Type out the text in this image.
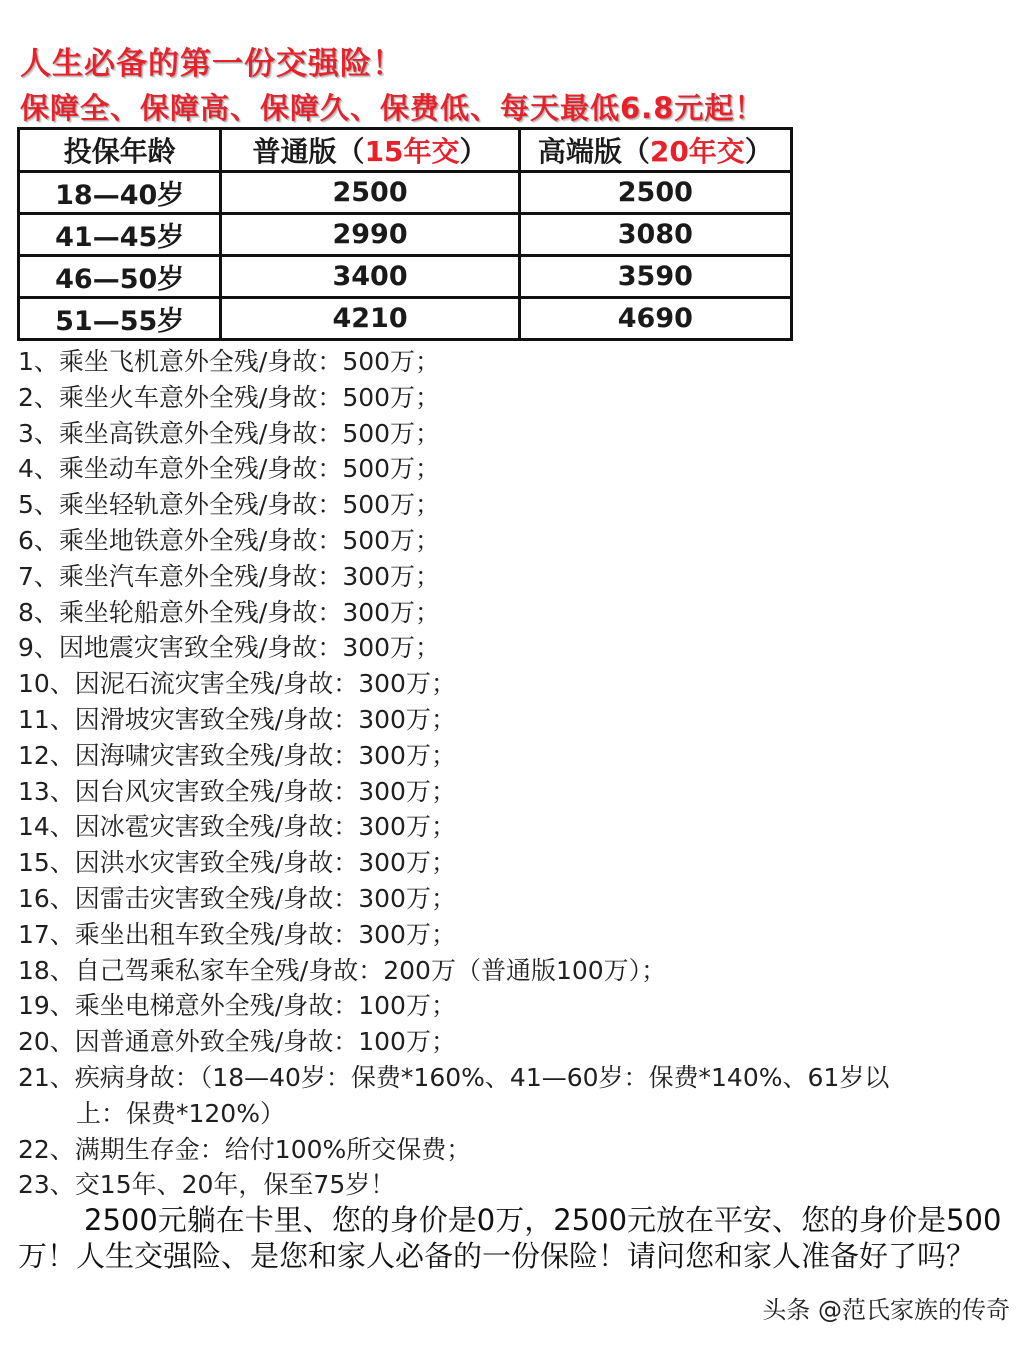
人生必备的第一份交强险！
保障全、保障高、保障久、保费低、每天最低6.8元起！
投保年龄	普通版（15年交）	高端版（20年交）
18—40岁	2500	2500
41—45岁	2990	3080
46—50岁	3400	3590
51—55岁	4210	4690
1、乘坐飞机意外全残/身故：500万；
2、乘坐火车意外全残/身故：500万；
3、乘坐高铁意外全残/身故：500万；
4、乘坐动车意外全残/身故：500万；
5、乘坐轻轨意外全残/身故：500万；
6、乘坐地铁意外全残/身故：500万；
7、乘坐汽车意外全残/身故：300万；
8、乘坐轮船意外全残/身故：300万；
9、因地震灾害致全残/身故：300万；
10、因泥石流灾害全残/身故：300万；
11、因滑坡灾害致全残/身故：300万；
12、因海啸灾害致全残/身故：300万；
13、因台风灾害致全残/身故：300万；
14、因冰雹灾害致全残/身故：300万；
15、因洪水灾害致全残/身故：300万；
16、因雷击灾害致全残/身故：300万；
17、乘坐出租车致全残/身故：300万；
18、自己驾乘私家车全残/身故：200万（普通版100万）；
19、乘坐电梯意外全残/身故：100万；
20、因普通意外致全残/身故：100万；
21、疾病身故：（18—40岁：保费*160%、41—60岁：保费*140%、61岁以
上：保费*120%）
22、满期生存金：给付100%所交保费；
23、交15年、20年，保至75岁！

2500元躺在卡里、您的身价是0万，2500元放在平安、您的身价是500万！人生交强险、是您和家人必备的一份保险！请问您和家人准备好了吗？

头条 @范氏家族的传奇
